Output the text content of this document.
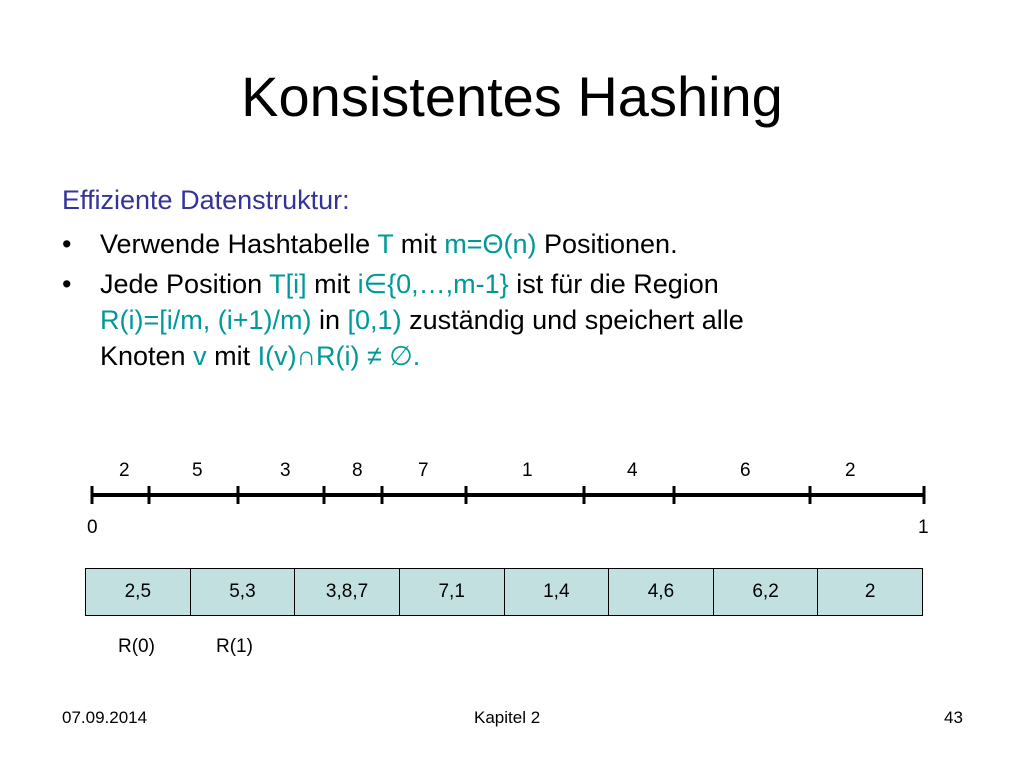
Konsistentes Hashing
Effiziente Datenstruktur:
• Verwende Hashtabelle T mit m=Θ(n) Positionen.
• Jede Position T[i] mit i∈{0,…,m-1} ist für die Region
R(i)=[i/m, (i+1)/m) in [0,1) zuständig und speichert alle
Knoten v mit I(v)∩R(i) ≠ ∅.
2	5	3	8	7	1	4	6	2
0	1
2,5	5,3	3,8,7	7,1	1,4	4,6	6,2	2
R(0)	R(1)
07.09.2014	Kapitel 2	43
